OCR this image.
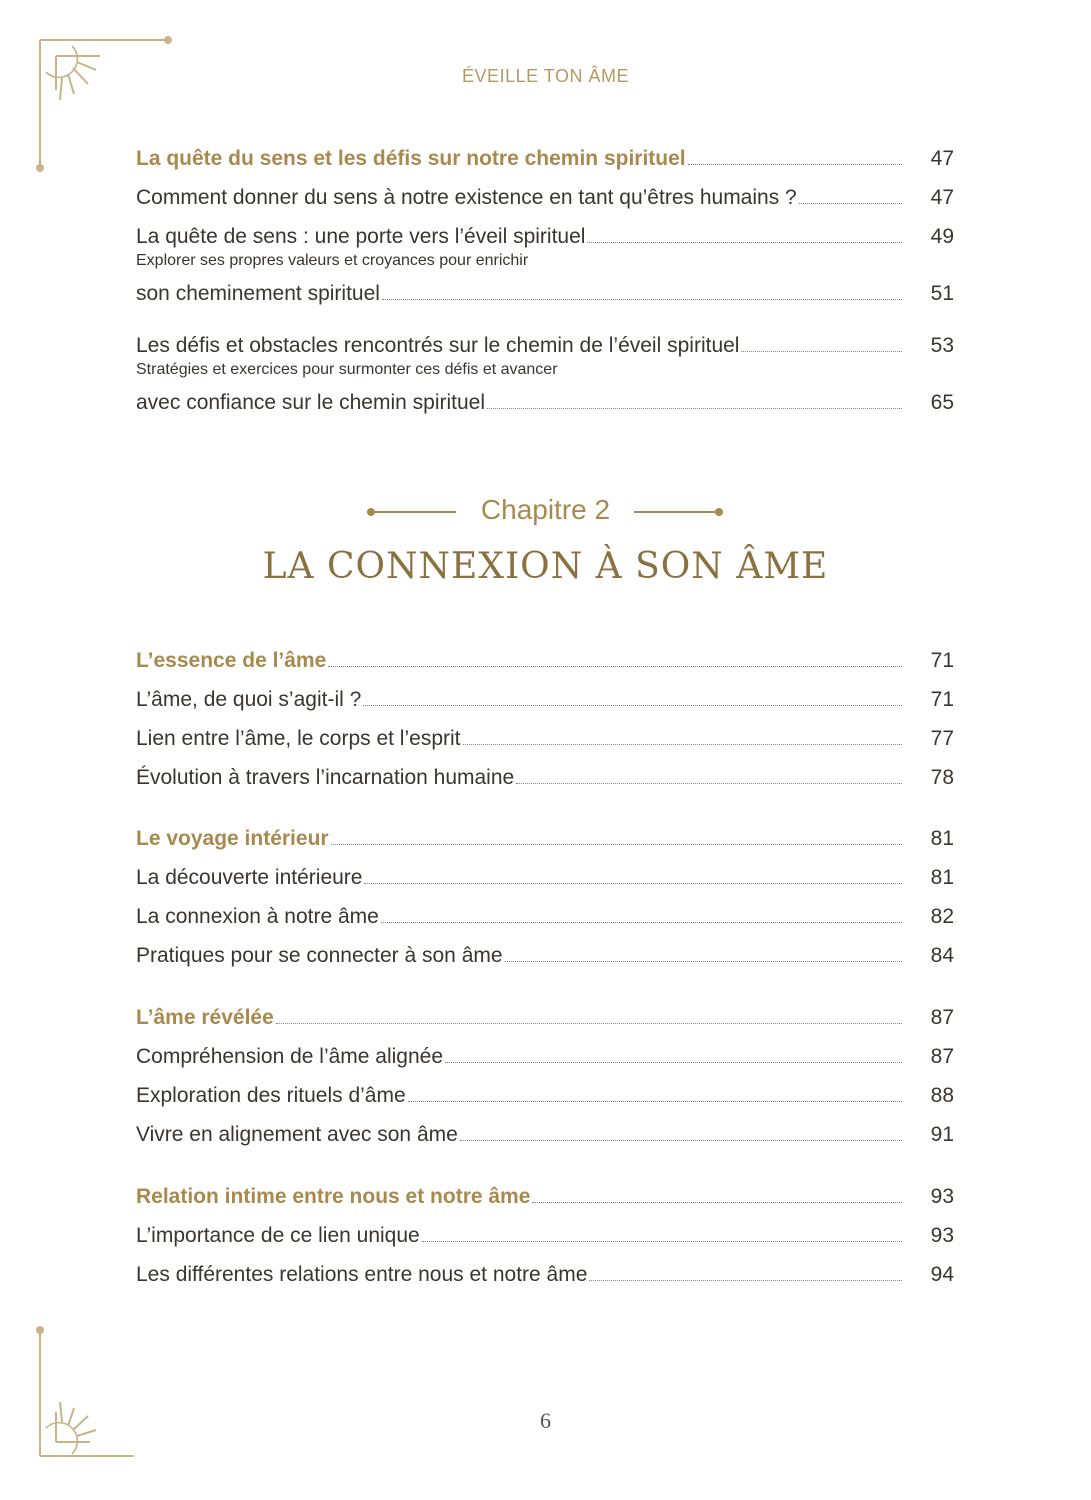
ÉVEILLE TON ÂME
La quête du sens et les défis sur notre chemin spirituel	47
Comment donner du sens à notre existence en tant qu’êtres humains ?	47
La quête de sens : une porte vers l’éveil spirituel	49
Explorer ses propres valeurs et croyances pour enrichir
son cheminement spirituel	51
Les défis et obstacles rencontrés sur le chemin de l’éveil spirituel	53
Stratégies et exercices pour surmonter ces défis et avancer
avec confiance sur le chemin spirituel	65
Chapitre 2
LA CONNEXION À SON ÂME
L’essence de l’âme	71
L’âme, de quoi s’agit-il ?	71
Lien entre l’âme, le corps et l’esprit	77
Évolution à travers l’incarnation humaine	78
Le voyage intérieur	81
La découverte intérieure	81
La connexion à notre âme	82
Pratiques pour se connecter à son âme	84
L’âme révélée	87
Compréhension de l’âme alignée	87
Exploration des rituels d’âme	88
Vivre en alignement avec son âme	91
Relation intime entre nous et notre âme	93
L’importance de ce lien unique	93
Les différentes relations entre nous et notre âme	94
6
